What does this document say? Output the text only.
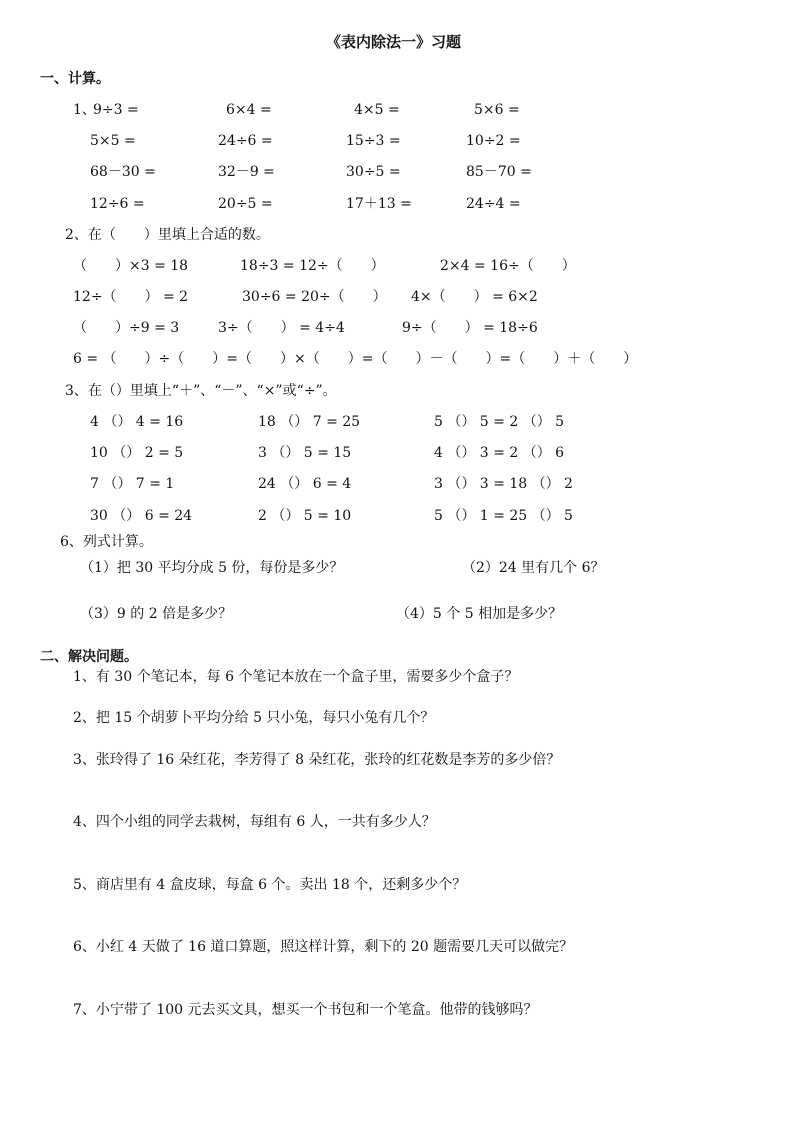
《表内除法一》习题
一、计算。
1、
9÷3 =	6×4 =	4×5 =	5×6 =
5×5 =	24÷6 =	15÷3 =	10÷2 =
68－30 =	32－9 =	30÷5 =	85－70 =
12÷6 =	20÷5 =	17＋13 =	24÷4 =
2、在（　　）里填上合适的数。
（　　）×3 = 18	18÷3 = 12÷（　　）	2×4 = 16÷（　　）
12÷（　　） = 2	30÷6 = 20÷（　　） 4×（　　） = 6×2
（　　）÷9 = 3	3÷（　　） = 4÷4	9÷（　　） = 18÷6
6 = （　　）÷（　　）=（　　）×（　　）=（　　）－（　　）=（　　）＋（　　）
3、在（）里填上“＋”、“－”、“×”或“÷”。
4 （） 4 = 16	18 （） 7 = 25	5 （） 5 = 2 （） 5
10 （） 2 = 5	3 （） 5 = 15	4 （） 3 = 2 （） 6
7 （） 7 = 1	24 （） 6 = 4	3 （） 3 = 18 （） 2
30 （） 6 = 24	2 （） 5 = 10	5 （） 1 = 25 （） 5
6、列式计算。
（1）把 30 平均分成 5 份，每份是多少？	（2）24 里有几个 6？
（3）9 的 2 倍是多少？	（4）5 个 5 相加是多少？
二、解决问题。
1、有 30 个笔记本，每 6 个笔记本放在一个盒子里，需要多少个盒子？
2、把 15 个胡萝卜平均分给 5 只小兔，每只小兔有几个？
3、张玲得了 16 朵红花，李芳得了 8 朵红花，张玲的红花数是李芳的多少倍？
4、四个小组的同学去栽树，每组有 6 人，一共有多少人？
5、商店里有 4 盒皮球，每盒 6 个。卖出 18 个，还剩多少个？
6、小红 4 天做了 16 道口算题，照这样计算，剩下的 20 题需要几天可以做完？
7、小宁带了 100 元去买文具，想买一个书包和一个笔盒。他带的钱够吗？
